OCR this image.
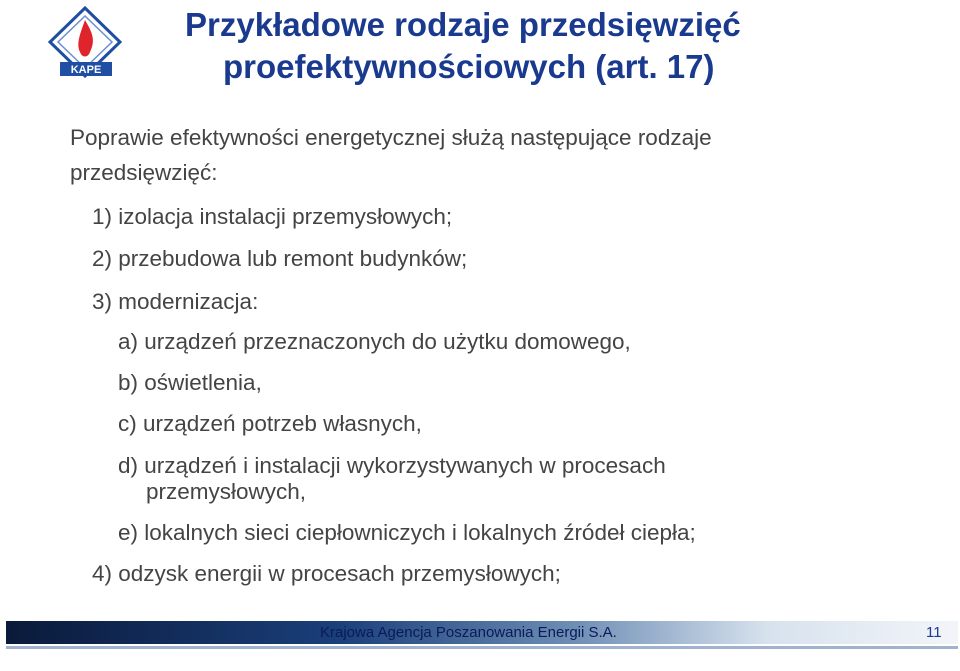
KAPE
Przykładowe rodzaje przedsięwzięć
proefektywnościowych (art. 17)
Poprawie efektywności energetycznej służą następujące rodzaje
przedsięwzięć:
1) izolacja instalacji przemysłowych;
2) przebudowa lub remont budynków;
3) modernizacja:
a) urządzeń przeznaczonych do użytku domowego,
b) oświetlenia,
c) urządzeń potrzeb własnych,
d) urządzeń i instalacji wykorzystywanych w procesach
przemysłowych,
e) lokalnych sieci ciepłowniczych i lokalnych źródeł ciepła;
4) odzysk energii w procesach przemysłowych;
Krajowa Agencja Poszanowania Energii S.A.	11
